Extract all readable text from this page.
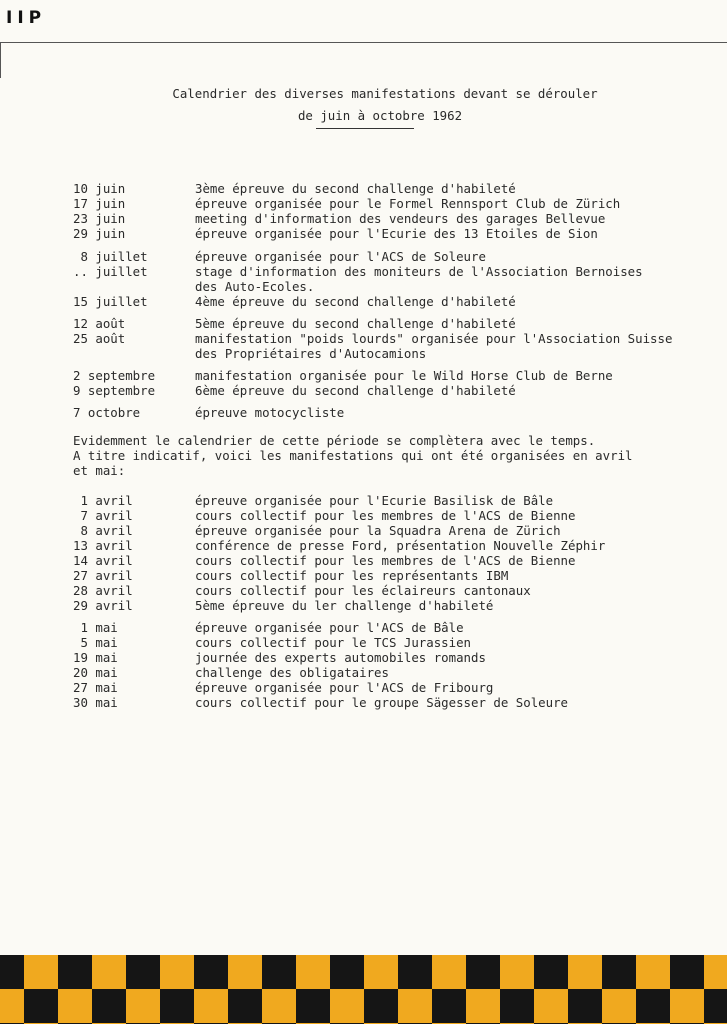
IIP
Calendrier des diverses manifestations devant se dérouler
de juin à octobre 1962
10 juin	3ème épreuve du second challenge d'habileté
17 juin	épreuve organisée pour le Formel Rennsport Club de Zürich
23 juin	meeting d'information des vendeurs des garages Bellevue
29 juin	épreuve organisée pour l'Ecurie des 13 Etoiles de Sion
8 juillet	épreuve organisée pour l'ACS de Soleure
.. juillet	stage d'information des moniteurs de l'Association Bernoises
des Auto-Ecoles.
15 juillet	4ème épreuve du second challenge d'habileté
12 août	5ème épreuve du second challenge d'habileté
25 août	manifestation "poids lourds" organisée pour l'Association Suisse
des Propriétaires d'Autocamions
2 septembre	manifestation organisée pour le Wild Horse Club de Berne
9 septembre	6ème épreuve du second challenge d'habileté
7 octobre	épreuve motocycliste
Evidemment le calendrier de cette période se complètera avec le temps.
A titre indicatif, voici les manifestations qui ont été organisées en avril
et mai:
1 avril	épreuve organisée pour l'Ecurie Basilisk de Bâle
7 avril	cours collectif pour les membres de l'ACS de Bienne
8 avril	épreuve organisée pour la Squadra Arena de Zürich
13 avril	conférence de presse Ford, présentation Nouvelle Zéphir
14 avril	cours collectif pour les membres de l'ACS de Bienne
27 avril	cours collectif pour les représentants IBM
28 avril	cours collectif pour les éclaireurs cantonaux
29 avril	5ème épreuve du ler challenge d'habileté
1 mai	épreuve organisée pour l'ACS de Bâle
5 mai	cours collectif pour le TCS Jurassien
19 mai	journée des experts automobiles romands
20 mai	challenge des obligataires
27 mai	épreuve organisée pour l'ACS de Fribourg
30 mai	cours collectif pour le groupe Sägesser de Soleure
